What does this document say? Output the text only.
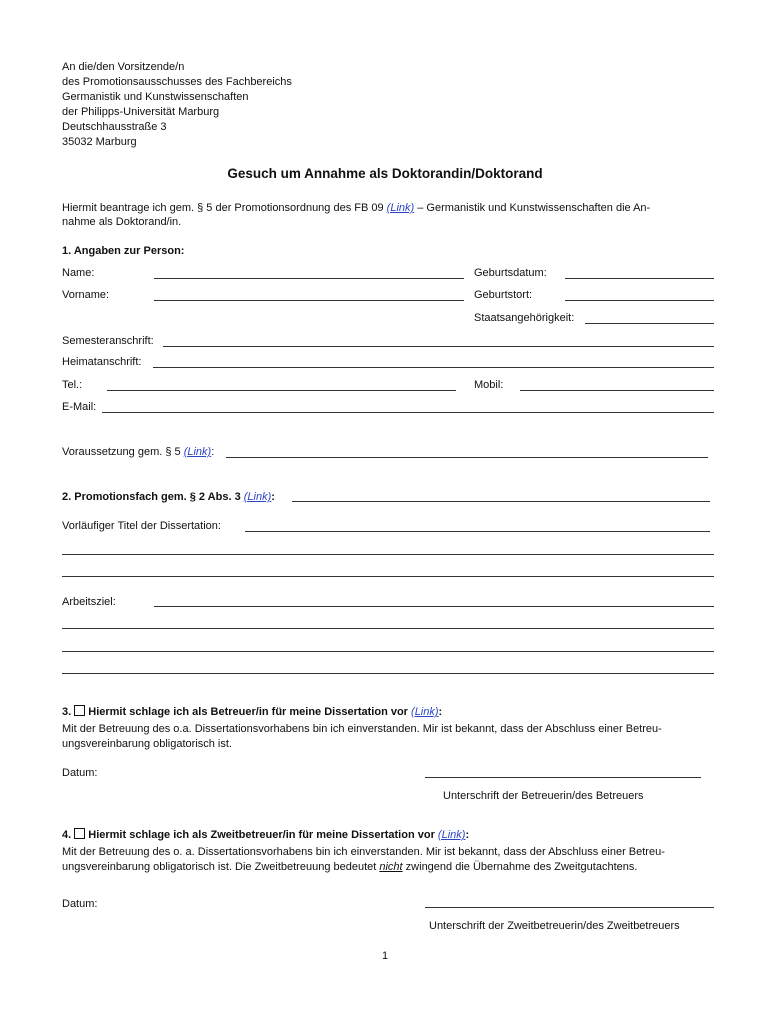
An die/den Vorsitzende/n
des Promotionsausschusses des Fachbereichs
Germanistik und Kunstwissenschaften
der Philipps-Universität Marburg
Deutschhausstraße 3
35032 Marburg
Gesuch um Annahme als Doktorandin/Doktorand
Hiermit beantrage ich gem. § 5 der Promotionsordnung des FB 09 (Link) – Germanistik und Kunstwissenschaften die An-
nahme als Doktorand/in.
1. Angaben zur Person:
Name:	Geburtsdatum:
Vorname:	Geburtstort:
Staatsangehörigkeit:
Semesteranschrift:
Heimatanschrift:
Tel.:	Mobil:
E-Mail:
Voraussetzung gem. § 5 (Link):
2. Promotionsfach gem. § 2 Abs. 3 (Link):
Vorläufiger Titel der Dissertation:
Arbeitsziel:
3. Hiermit schlage ich als Betreuer/in für meine Dissertation vor (Link):
Mit der Betreuung des o.a. Dissertationsvorhabens bin ich einverstanden. Mir ist bekannt, dass der Abschluss einer Betreu-
ungsvereinbarung obligatorisch ist.
Datum:
Unterschrift der Betreuerin/des Betreuers
4. Hiermit schlage ich als Zweitbetreuer/in für meine Dissertation vor (Link):
Mit der Betreuung des o. a. Dissertationsvorhabens bin ich einverstanden. Mir ist bekannt, dass der Abschluss einer Betreu-
ungsvereinbarung obligatorisch ist. Die Zweitbetreuung bedeutet nicht zwingend die Übernahme des Zweitgutachtens.
Datum:
Unterschrift der Zweitbetreuerin/des Zweitbetreuers
1
